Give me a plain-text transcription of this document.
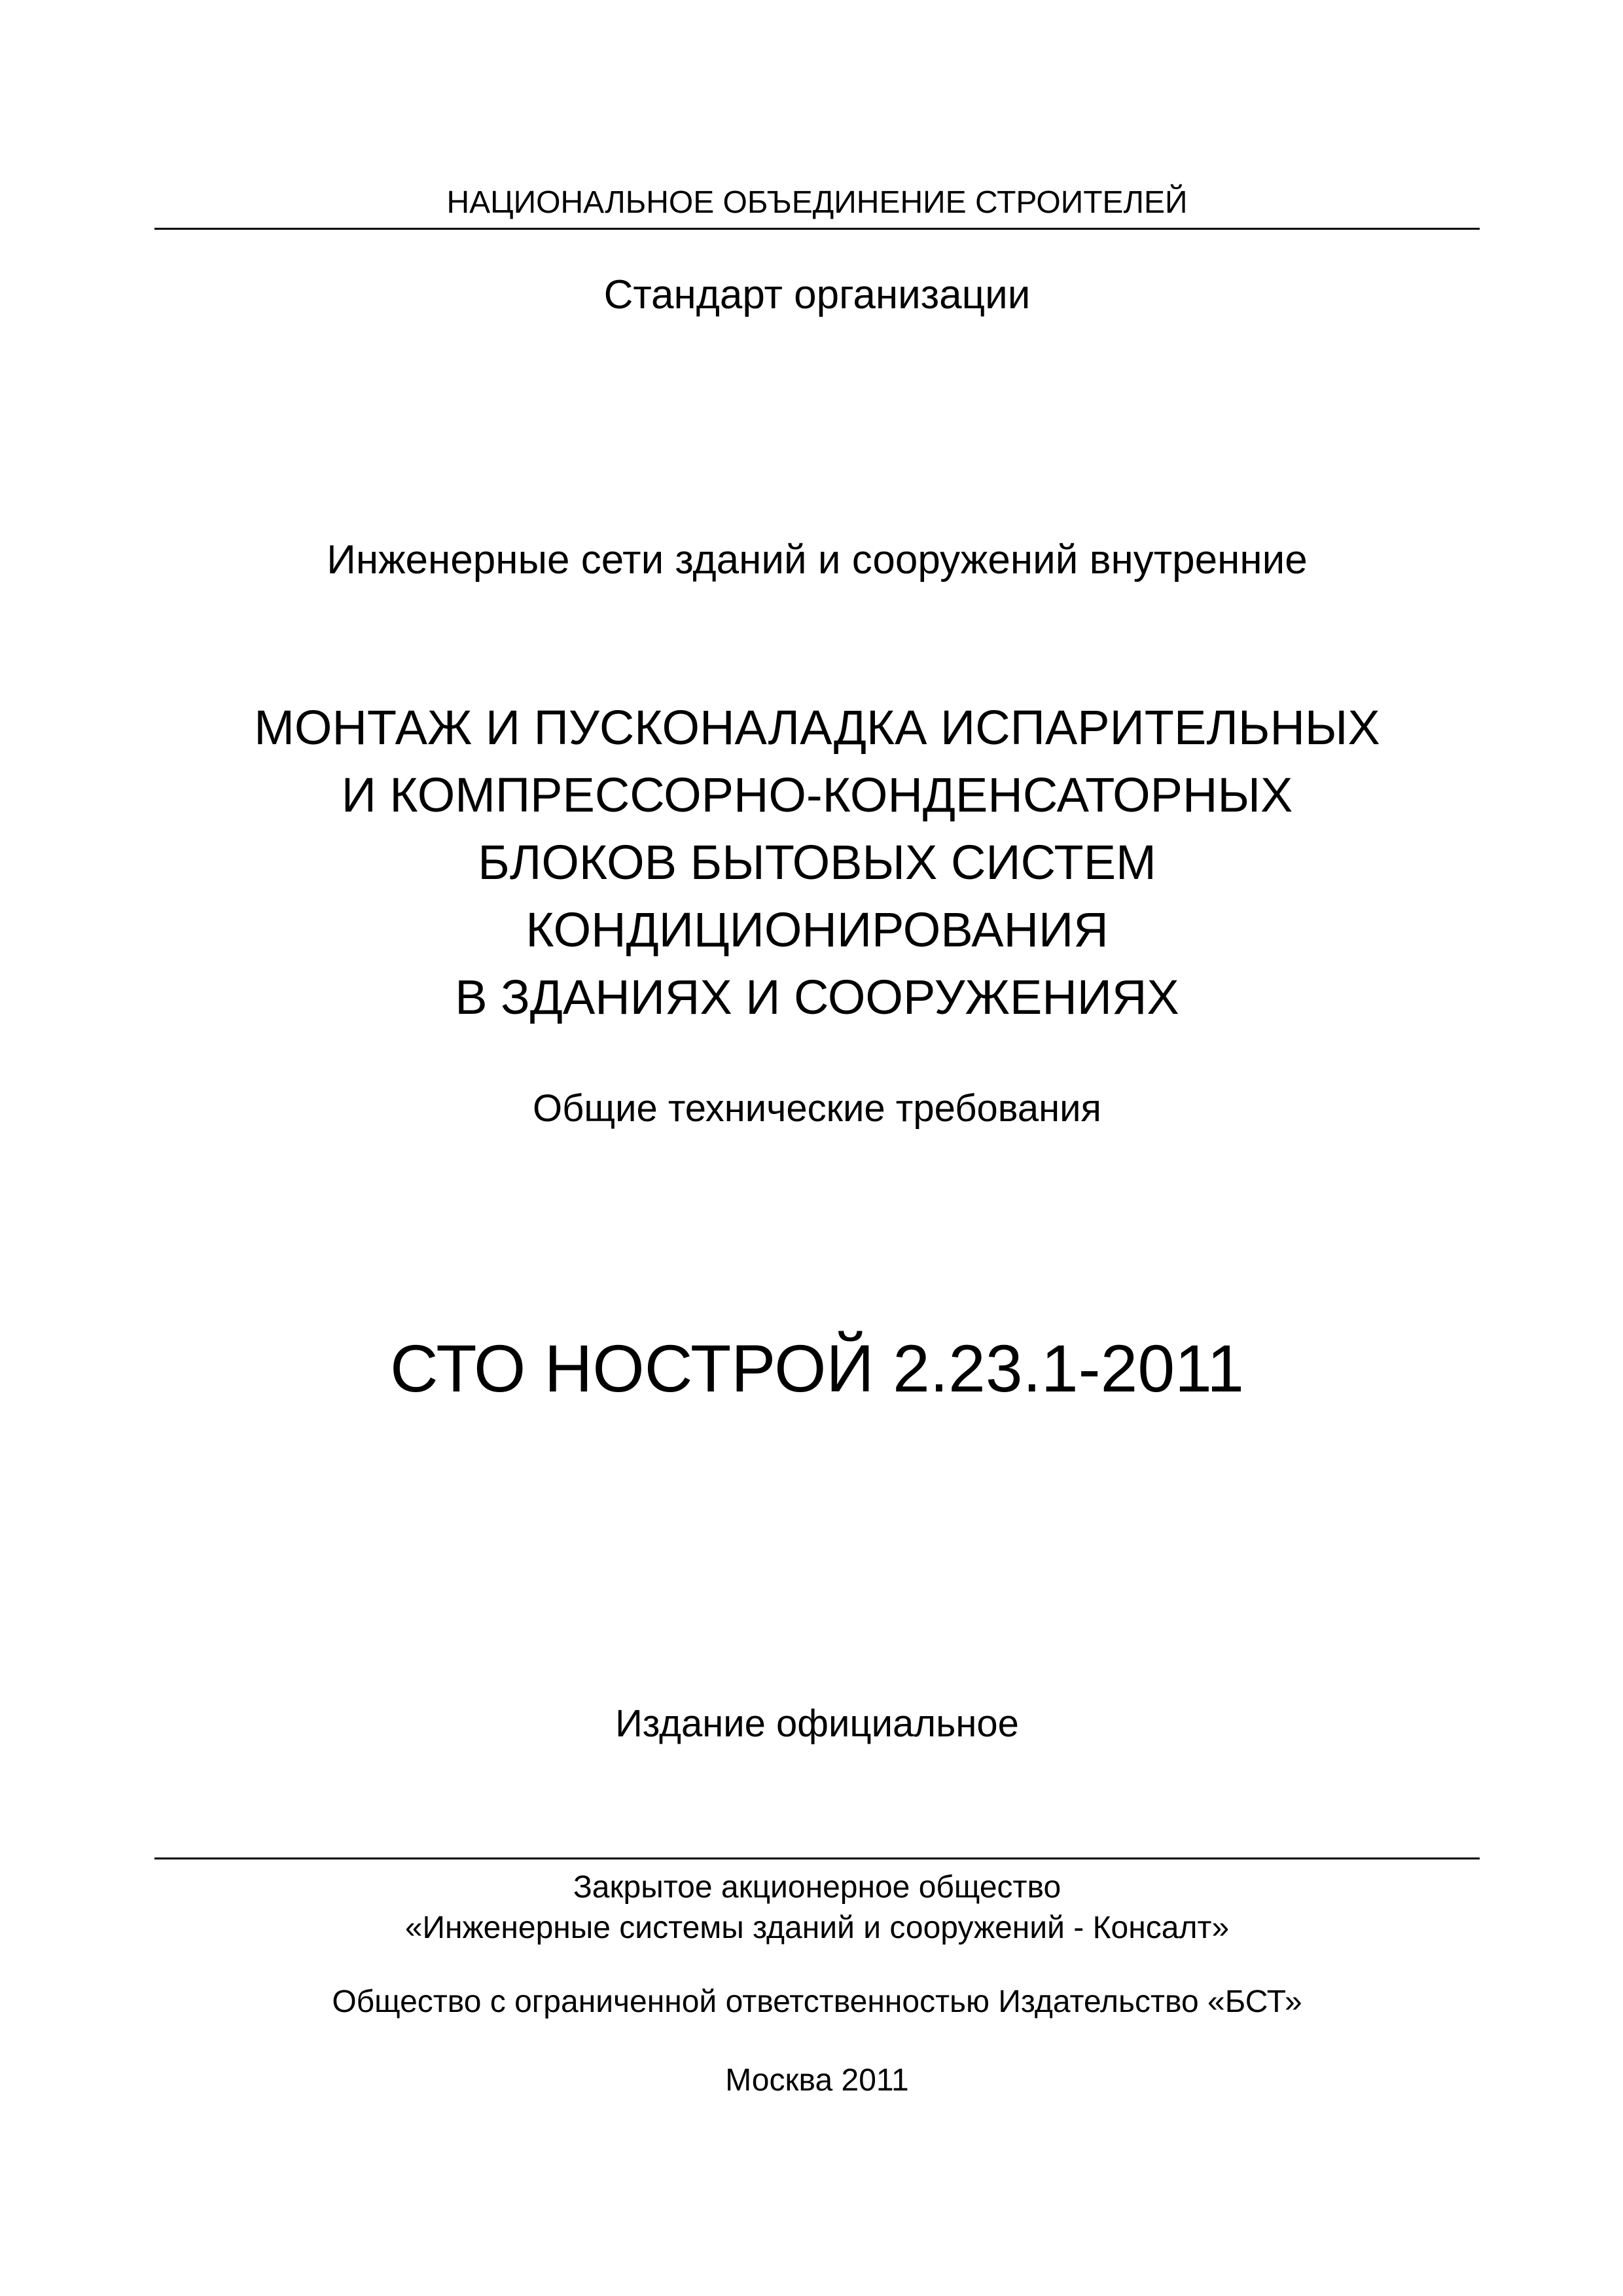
НАЦИОНАЛЬНОЕ ОБЪЕДИНЕНИЕ СТРОИТЕЛЕЙ
Стандарт организации
Инженерные сети зданий и сооружений внутренние
МОНТАЖ И ПУСКОНАЛАДКА ИСПАРИТЕЛЬНЫХ
И КОМПРЕССОРНО-КОНДЕНСАТОРНЫХ
БЛОКОВ БЫТОВЫХ СИСТЕМ
КОНДИЦИОНИРОВАНИЯ
В ЗДАНИЯХ И СООРУЖЕНИЯХ
Общие технические требования
СТО НОСТРОЙ 2.23.1-2011
Издание официальное
Закрытое акционерное общество
«Инженерные системы зданий и сооружений - Консалт»
Общество с ограниченной ответственностью Издательство «БСТ»
Москва 2011
